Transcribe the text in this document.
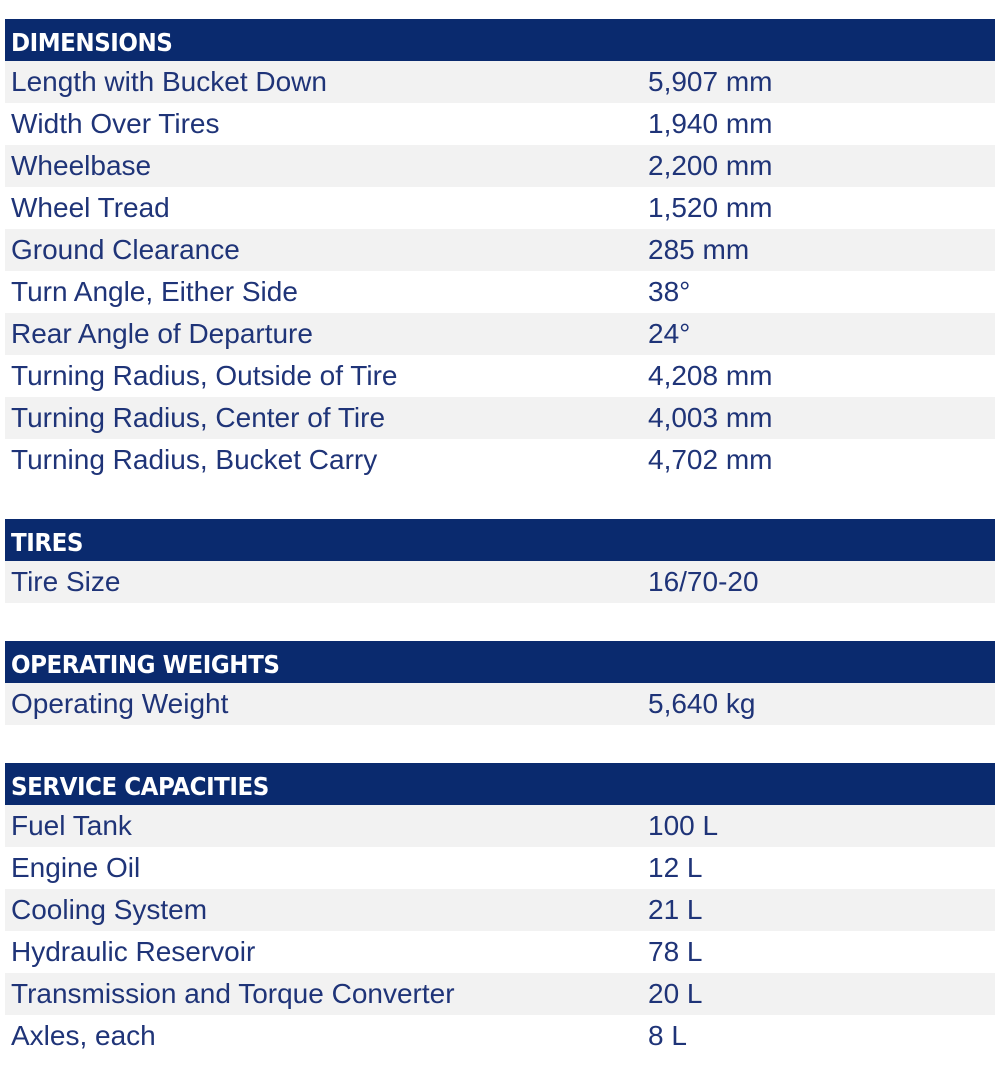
DIMENSIONS
Length with Bucket Down	5,907 mm
Width Over Tires	1,940 mm
Wheelbase	2,200 mm
Wheel Tread	1,520 mm
Ground Clearance	285 mm
Turn Angle, Either Side	38°
Rear Angle of Departure	24°
Turning Radius, Outside of Tire	4,208 mm
Turning Radius, Center of Tire	4,003 mm
Turning Radius, Bucket Carry	4,702 mm
TIRES
Tire Size	16/70-20
OPERATING WEIGHTS
Operating Weight	5,640 kg
SERVICE CAPACITIES
Fuel Tank	100 L
Engine Oil	12 L
Cooling System	21 L
Hydraulic Reservoir	78 L
Transmission and Torque Converter	20 L
Axles, each	8 L
